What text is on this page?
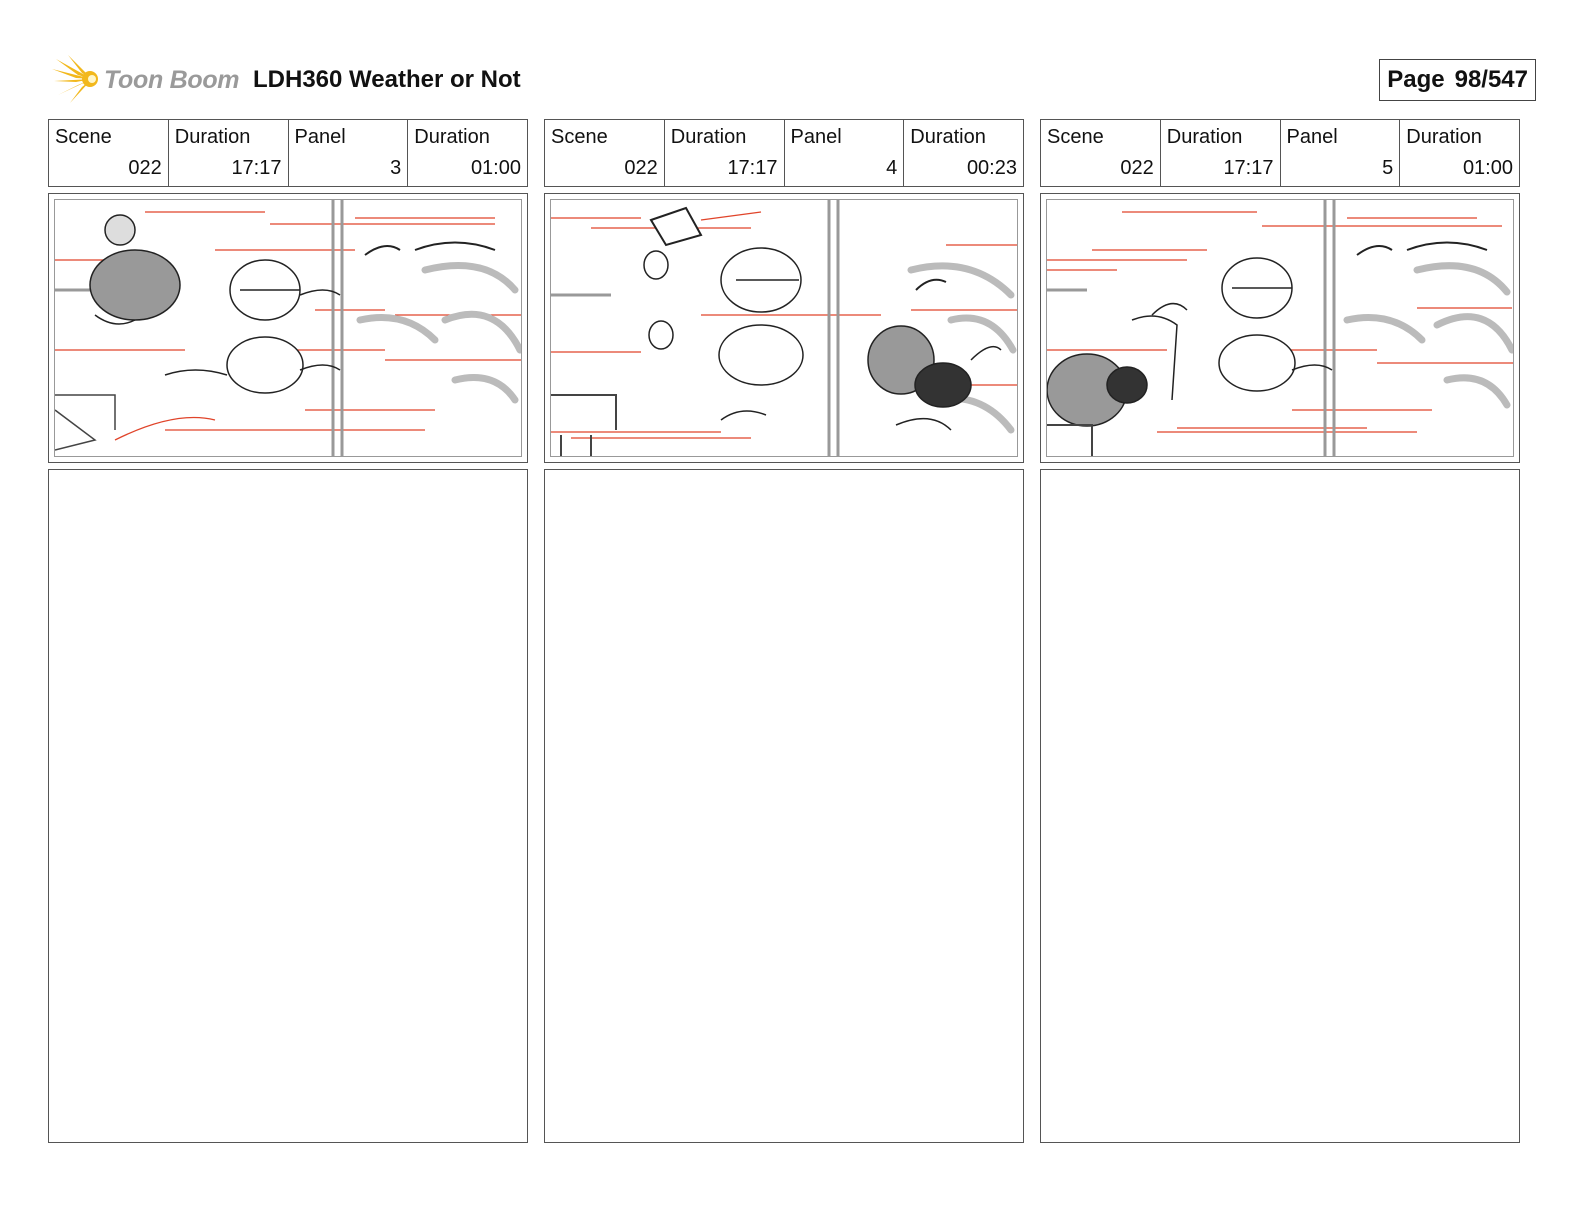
Toon Boom LDH360 Weather or Not	Page 98/547
Scene
022
Duration
17:17
Panel
3
Duration
01:00
Scene
022
Duration
17:17
Panel
4
Duration
00:23
Scene
022
Duration
17:17
Panel
5
Duration
01:00
